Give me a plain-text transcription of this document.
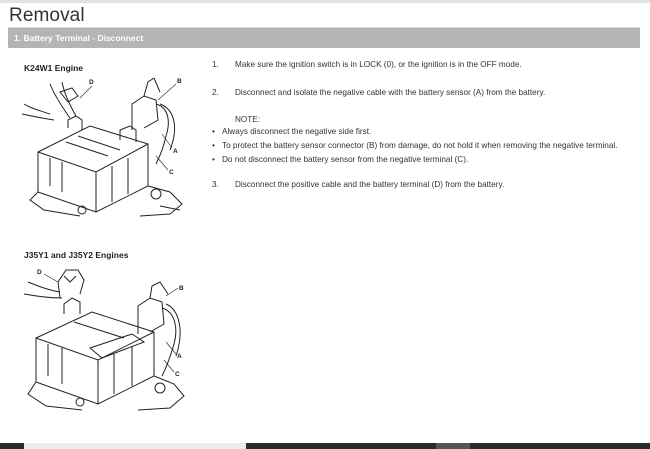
Removal
1. Battery Terminal - Disconnect
K24W1 Engine
D	B
A
C
J35Y1 and J35Y2 Engines
D
B
A
C
1. Make sure the ignition switch is in LOCK (0), or the ignition is in the OFF mode.
2. Disconnect and isolate the negative cable with the battery sensor (A) from the battery.
NOTE:
• Always disconnect the negative side first.
• To protect the battery sensor connector (B) from damage, do not hold it when removing the negative terminal.
• Do not disconnect the battery sensor from the negative terminal (C).
3. Disconnect the positive cable and the battery terminal (D) from the battery.
